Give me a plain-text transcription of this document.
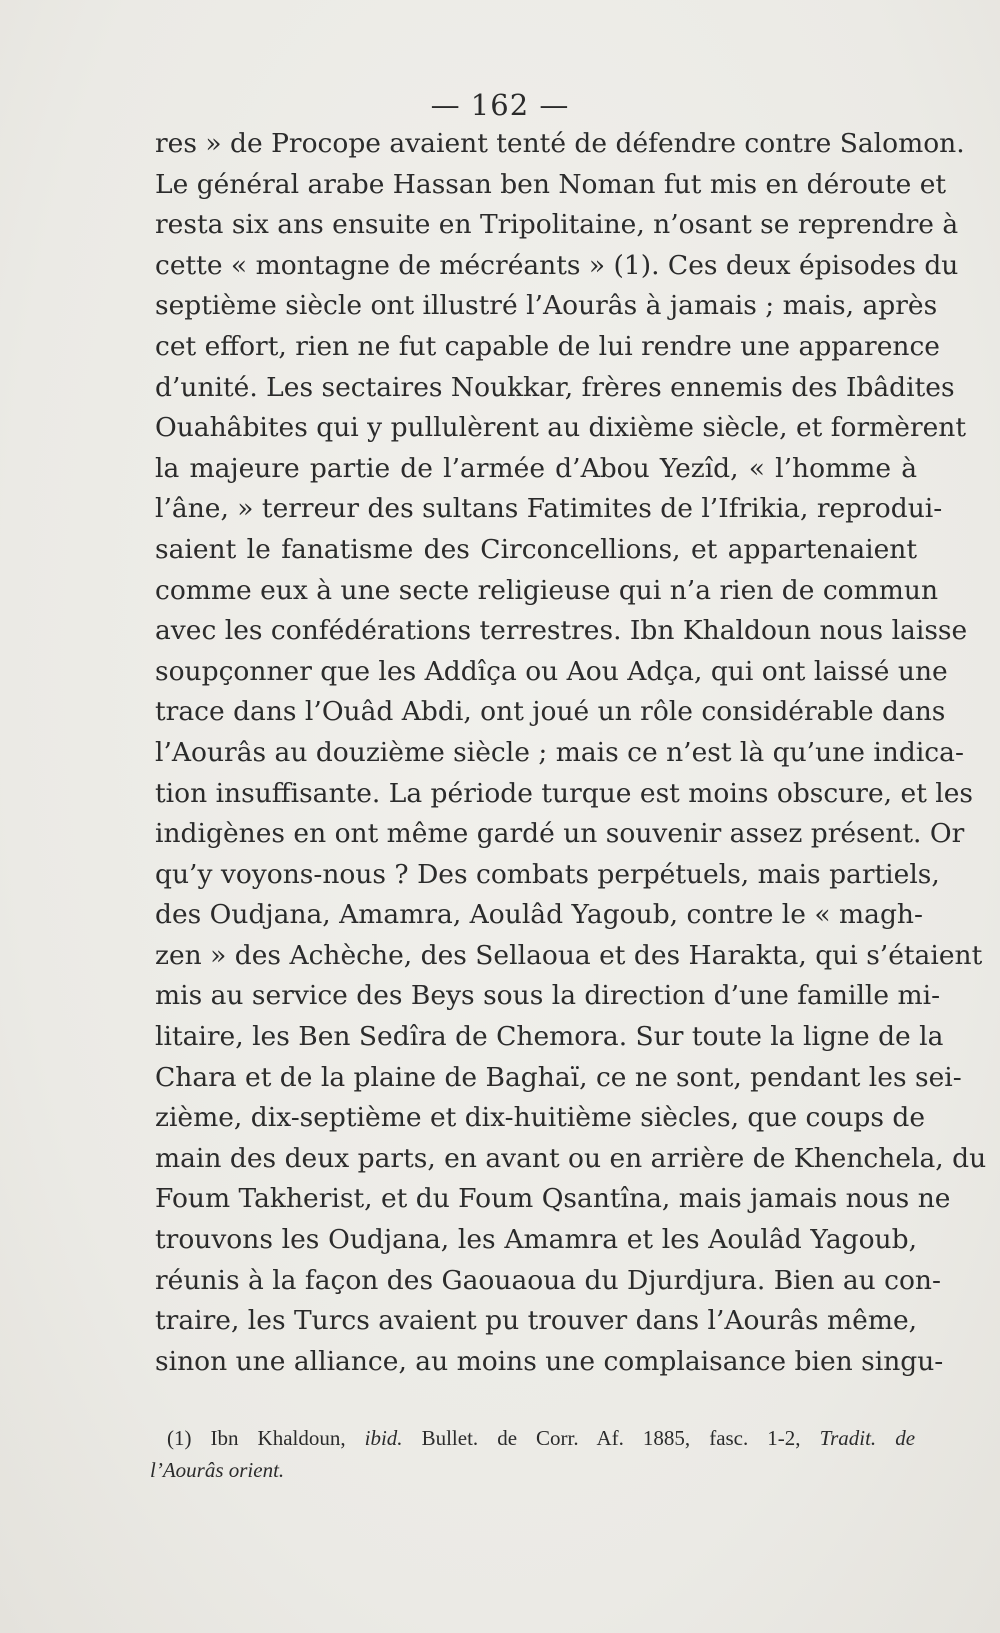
— 162 —
res » de Procope avaient tenté de défendre contre Salomon.
Le général arabe Hassan ben Noman fut mis en déroute et
resta six ans ensuite en Tripolitaine, n’osant se reprendre à
cette « montagne de mécréants » (1). Ces deux épisodes du
septième siècle ont illustré l’Aourâs à jamais ; mais, après
cet effort, rien ne fut capable de lui rendre une apparence
d’unité. Les sectaires Noukkar, frères ennemis des Ibâdites
Ouahâbites qui y pullulèrent au dixième siècle, et formèrent
la majeure partie de l’armée d’Abou Yezîd, « l’homme à
l’âne, » terreur des sultans Fatimites de l’Ifrikia, reprodui-
saient le fanatisme des Circoncellions, et appartenaient
comme eux à une secte religieuse qui n’a rien de commun
avec les confédérations terrestres. Ibn Khaldoun nous laisse
soupçonner que les Addîça ou Aou Adça, qui ont laissé une
trace dans l’Ouâd Abdi, ont joué un rôle considérable dans
l’Aourâs au douzième siècle ; mais ce n’est là qu’une indica-
tion insuffisante. La période turque est moins obscure, et les
indigènes en ont même gardé un souvenir assez présent. Or
qu’y voyons-nous ? Des combats perpétuels, mais partiels,
des Oudjana, Amamra, Aoulâd Yagoub, contre le « magh-
zen » des Achèche, des Sellaoua et des Harakta, qui s’étaient
mis au service des Beys sous la direction d’une famille mi-
litaire, les Ben Sedîra de Chemora. Sur toute la ligne de la
Chara et de la plaine de Baghaï, ce ne sont, pendant les sei-
zième, dix-septième et dix-huitième siècles, que coups de
main des deux parts, en avant ou en arrière de Khenchela, du
Foum Takherist, et du Foum Qsantîna, mais jamais nous ne
trouvons les Oudjana, les Amamra et les Aoulâd Yagoub,
réunis à la façon des Gaouaoua du Djurdjura. Bien au con-
traire, les Turcs avaient pu trouver dans l’Aourâs même,
sinon une alliance, au moins une complaisance bien singu-
(1) Ibn Khaldoun, ibid. Bullet. de Corr. Af. 1885, fasc. 1-2, Tradit. de
l’Aourâs orient.
